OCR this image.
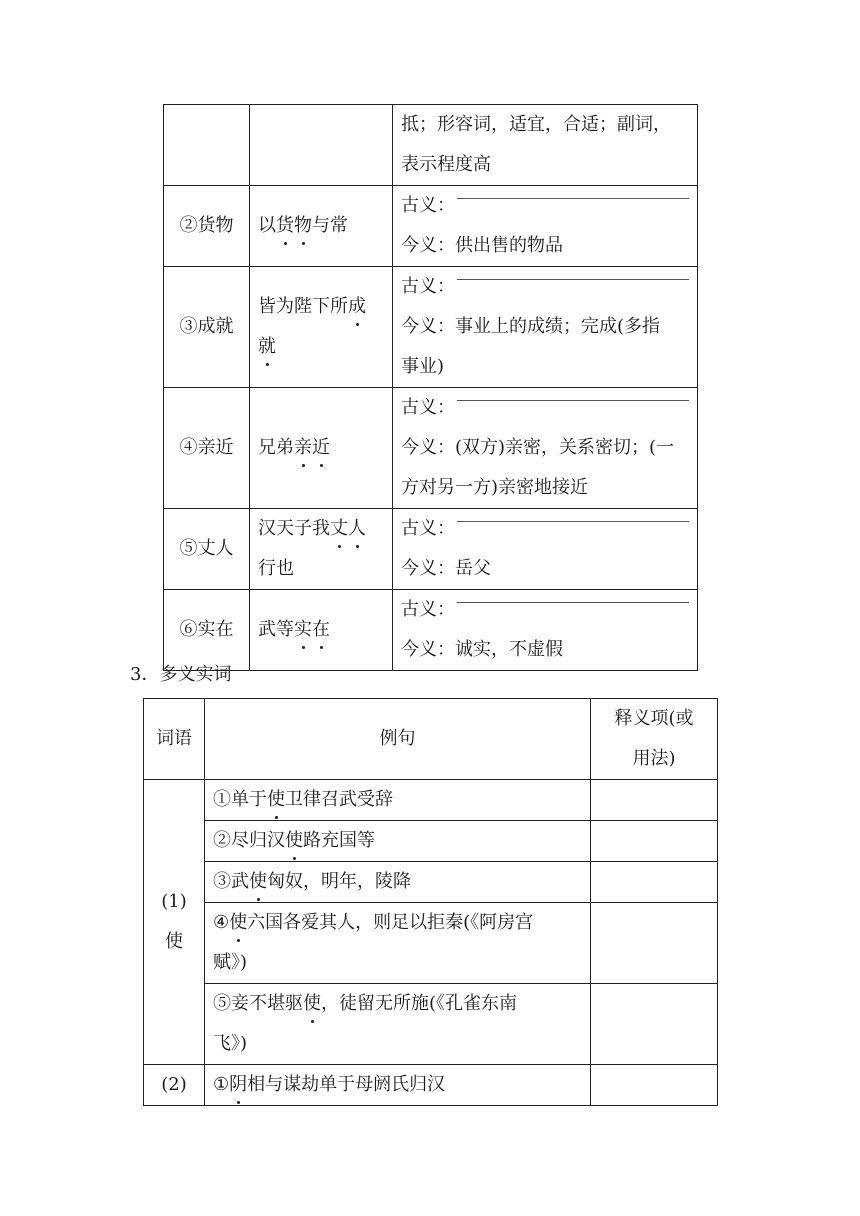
		抵；形容词，适宜，合适；副词，
表示程度高

②货物	以货物与常	古义：
今义：供出售的物品

③成就	皆为陛下所成
就	古义：
今义：事业上的成绩；完成(多指
事业)

④亲近	兄弟亲近	古义：
今义：(双方)亲密，关系密切；(一
方对另一方)亲密地接近

⑤丈人	汉天子我丈人
行也	古义：
今义：岳父

⑥实在	武等实在	古义：
今义：诚实，不虚假
3．多义实词
词语	例句	释义项(或
用法)

(1)
使	①单于使卫律召武受辞	
	②尽归汉使路充国等	
	③武使匈奴，明年，陵降	

	④使六国各爱其人，则足以拒秦(《阿房宫
赋》)	

	⑤妾不堪驱使，徒留无所施(《孔雀东南
飞》)	

(2)	①阴相与谋劫单于母阏氏归汉	
